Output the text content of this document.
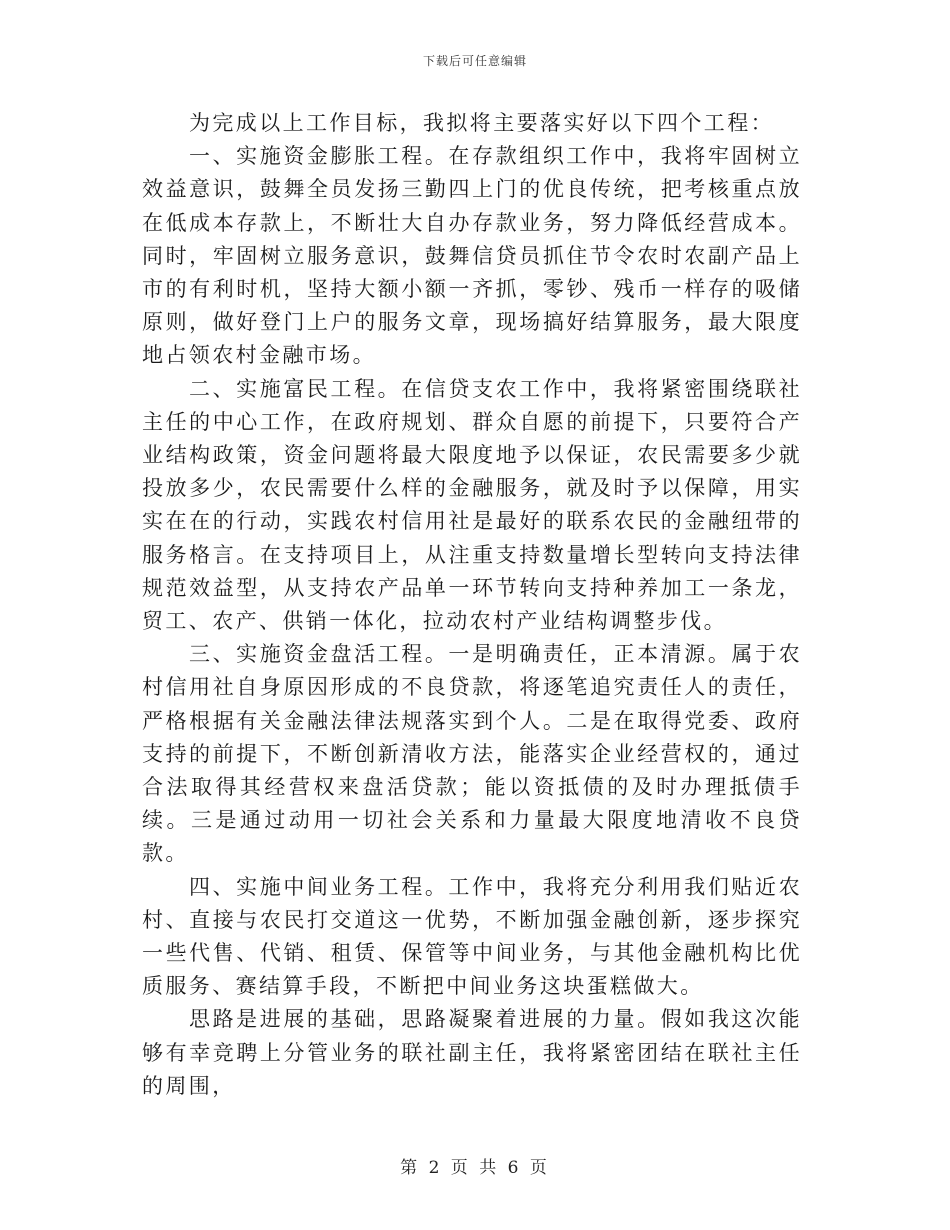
下载后可任意编辑

为完成以上工作目标，我拟将主要落实好以下四个工程：

一、实施资金膨胀工程。在存款组织工作中，我将牢固树立效益意识，鼓舞全员发扬三勤四上门的优良传统，把考核重点放在低成本存款上，不断壮大自办存款业务，努力降低经营成本。同时，牢固树立服务意识，鼓舞信贷员抓住节令农时农副产品上市的有利时机，坚持大额小额一齐抓，零钞、残币一样存的吸储原则，做好登门上户的服务文章，现场搞好结算服务，最大限度地占领农村金融市场。

二、实施富民工程。在信贷支农工作中，我将紧密围绕联社主任的中心工作，在政府规划、群众自愿的前提下，只要符合产业结构政策，资金问题将最大限度地予以保证，农民需要多少就投放多少，农民需要什么样的金融服务，就及时予以保障，用实实在在的行动，实践农村信用社是最好的联系农民的金融纽带的服务格言。在支持项目上，从注重支持数量增长型转向支持法律规范效益型，从支持农产品单一环节转向支持种养加工一条龙，贸工、农产、供销一体化，拉动农村产业结构调整步伐。

三、实施资金盘活工程。一是明确责任，正本清源。属于农村信用社自身原因形成的不良贷款，将逐笔追究责任人的责任，严格根据有关金融法律法规落实到个人。二是在取得党委、政府支持的前提下，不断创新清收方法，能落实企业经营权的，通过合法取得其经营权来盘活贷款；能以资抵债的及时办理抵债手续。三是通过动用一切社会关系和力量最大限度地清收不良贷款。

四、实施中间业务工程。工作中，我将充分利用我们贴近农村、直接与农民打交道这一优势，不断加强金融创新，逐步探究一些代售、代销、租赁、保管等中间业务，与其他金融机构比优质服务、赛结算手段，不断把中间业务这块蛋糕做大。

思路是进展的基础，思路凝聚着进展的力量。假如我这次能够有幸竞聘上分管业务的联社副主任，我将紧密团结在联社主任的周围，

第 2 页 共 6 页
